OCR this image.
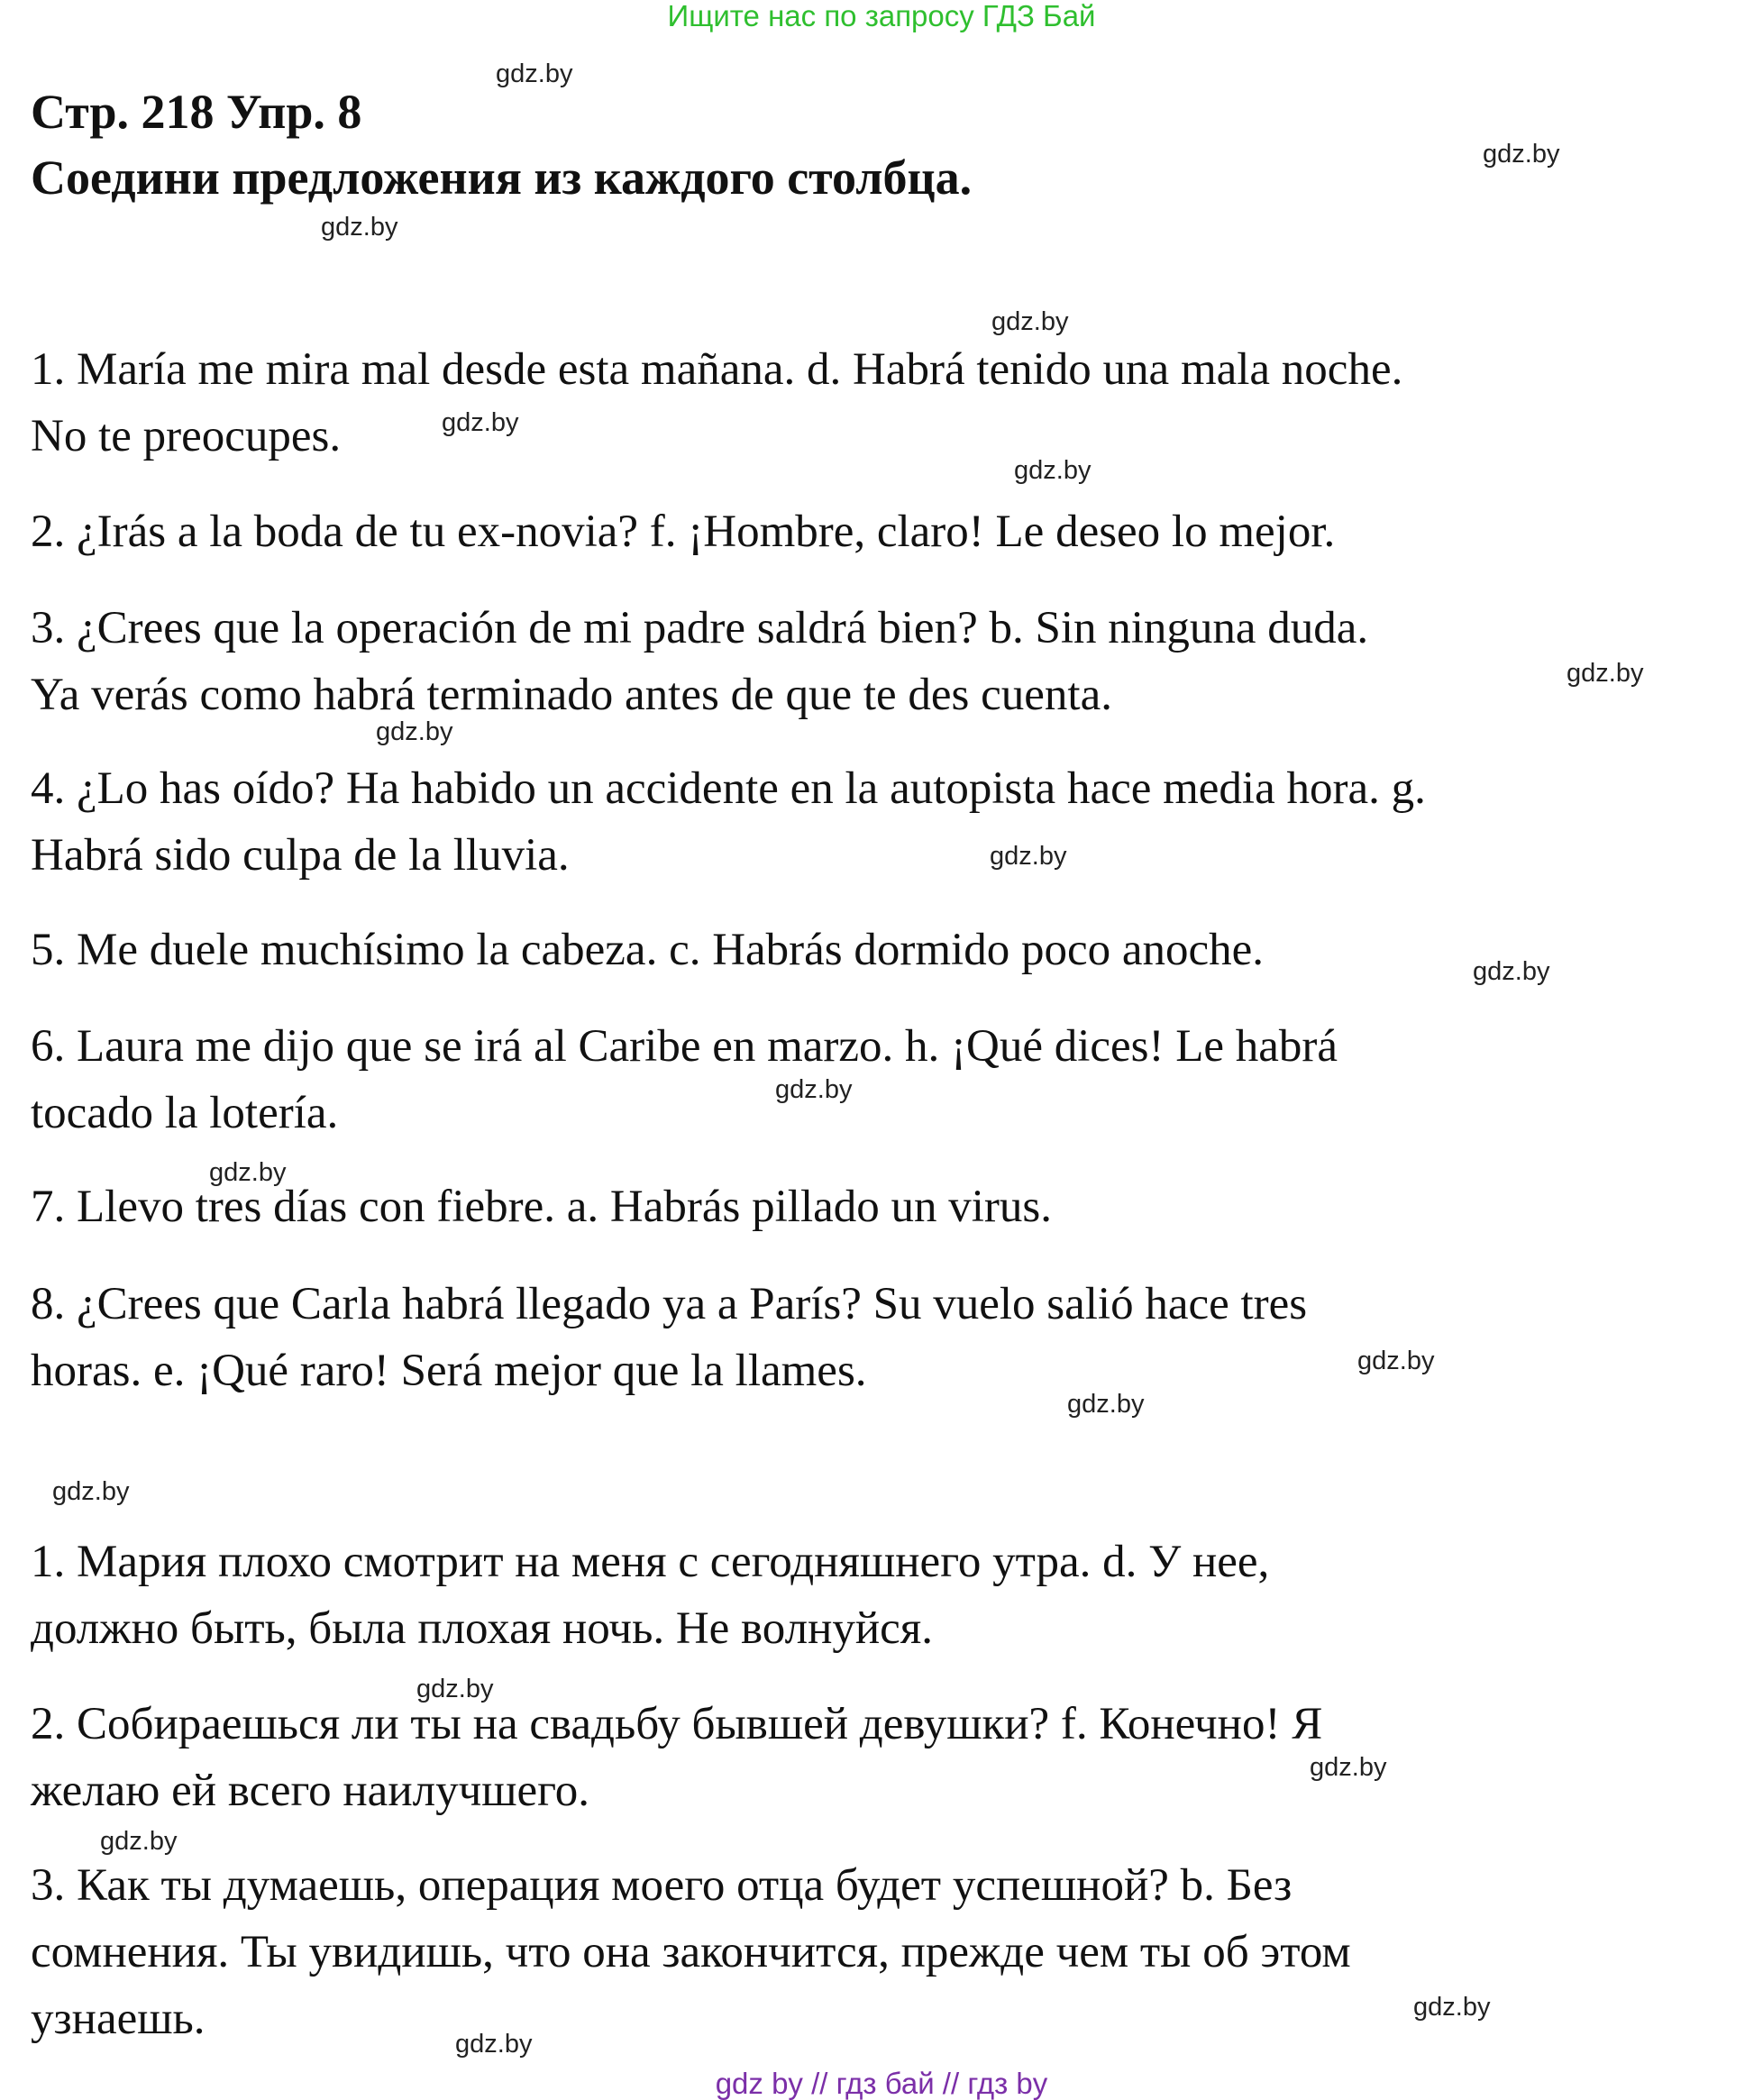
Ищите нас по запросу ГДЗ Бай
Стр. 218 Упр. 8
Соедини предложения из каждого столбца.
1. María me mira mal desde esta mañana. d. Habrá tenido una mala noche.
No te preocupes.
2. ¿Irás a la boda de tu ex-novia? f. ¡Hombre, claro! Le deseo lo mejor.
3. ¿Crees que la operación de mi padre saldrá bien? b. Sin ninguna duda.
Ya verás como habrá terminado antes de que te des cuenta.
4. ¿Lo has oído? Ha habido un accidente en la autopista hace media hora. g.
Habrá sido culpa de la lluvia.
5. Me duele muchísimo la cabeza. c. Habrás dormido poco anoche.
6. Laura me dijo que se irá al Caribe en marzo. h. ¡Qué dices! Le habrá
tocado la lotería.
7. Llevo tres días con fiebre. a. Habrás pillado un virus.
8. ¿Crees que Carla habrá llegado ya a París? Su vuelo salió hace tres
horas. e. ¡Qué raro! Será mejor que la llames.
1. Мария плохо смотрит на меня с сегодняшнего утра. d. У нее,
должно быть, была плохая ночь. Не волнуйся.
2. Собираешься ли ты на свадьбу бывшей девушки? f. Конечно! Я
желаю ей всего наилучшего.
3. Как ты думаешь, операция моего отца будет успешной? b. Без
сомнения. Ты увидишь, что она закончится, прежде чем ты об этом
узнаешь.
gdz.by
gdz.by
gdz.by
gdz.by
gdz.by
gdz.by
gdz.by
gdz.by
gdz.by
gdz.by
gdz.by
gdz.by
gdz.by
gdz.by
gdz.by
gdz.by
gdz.by
gdz.by
gdz.by
gdz.by
gdz by // гдз бай // гдз by
